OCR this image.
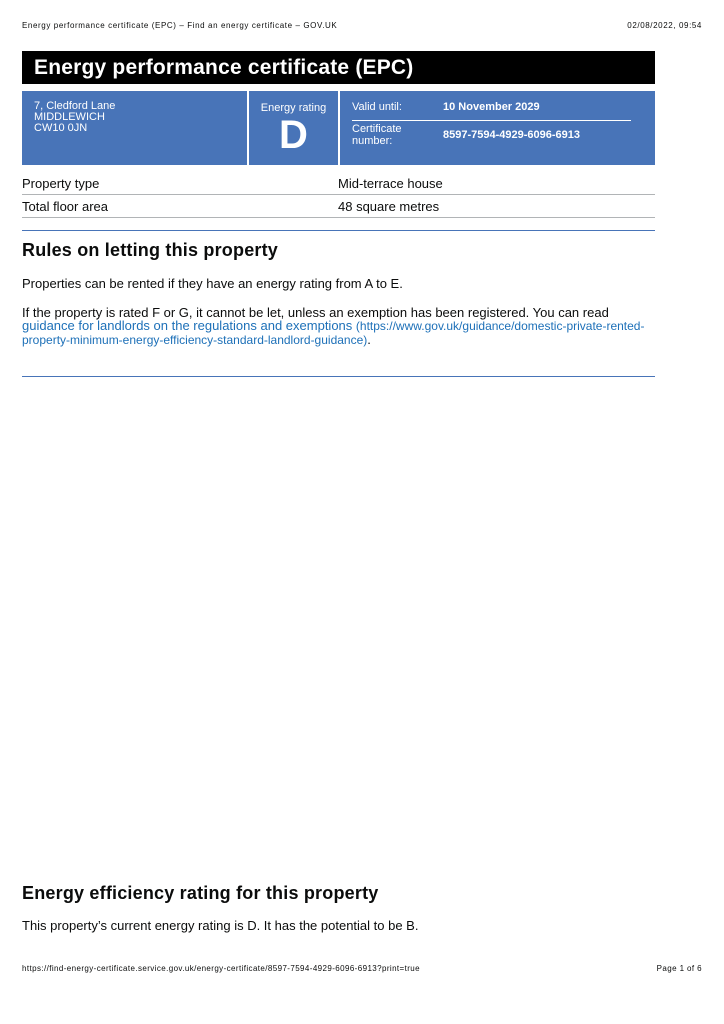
Energy performance certificate (EPC) – Find an energy certificate – GOV.UK	02/08/2022, 09:54
Energy performance certificate (EPC)
7, Cledford Lane
MIDDLEWICH
CW10 0JN
Energy rating
D
Valid until:	10 November 2029
Certificate number:	8597-7594-4929-6096-6913
Property type	Mid-terrace house
Total floor area	48 square metres
Rules on letting this property

Properties can be rented if they have an energy rating from A to E.

If the property is rated F or G, it cannot be let, unless an exemption has been registered. You can read guidance for landlords on the regulations and exemptions (https://www.gov.uk/guidance/domestic-private-rented-property-minimum-energy-efficiency-standard-landlord-guidance).

Energy efficiency rating for this property

This property’s current energy rating is D. It has the potential to be B.

https://find-energy-certificate.service.gov.uk/energy-certificate/8597-7594-4929-6096-6913?print=true	Page 1 of 6
